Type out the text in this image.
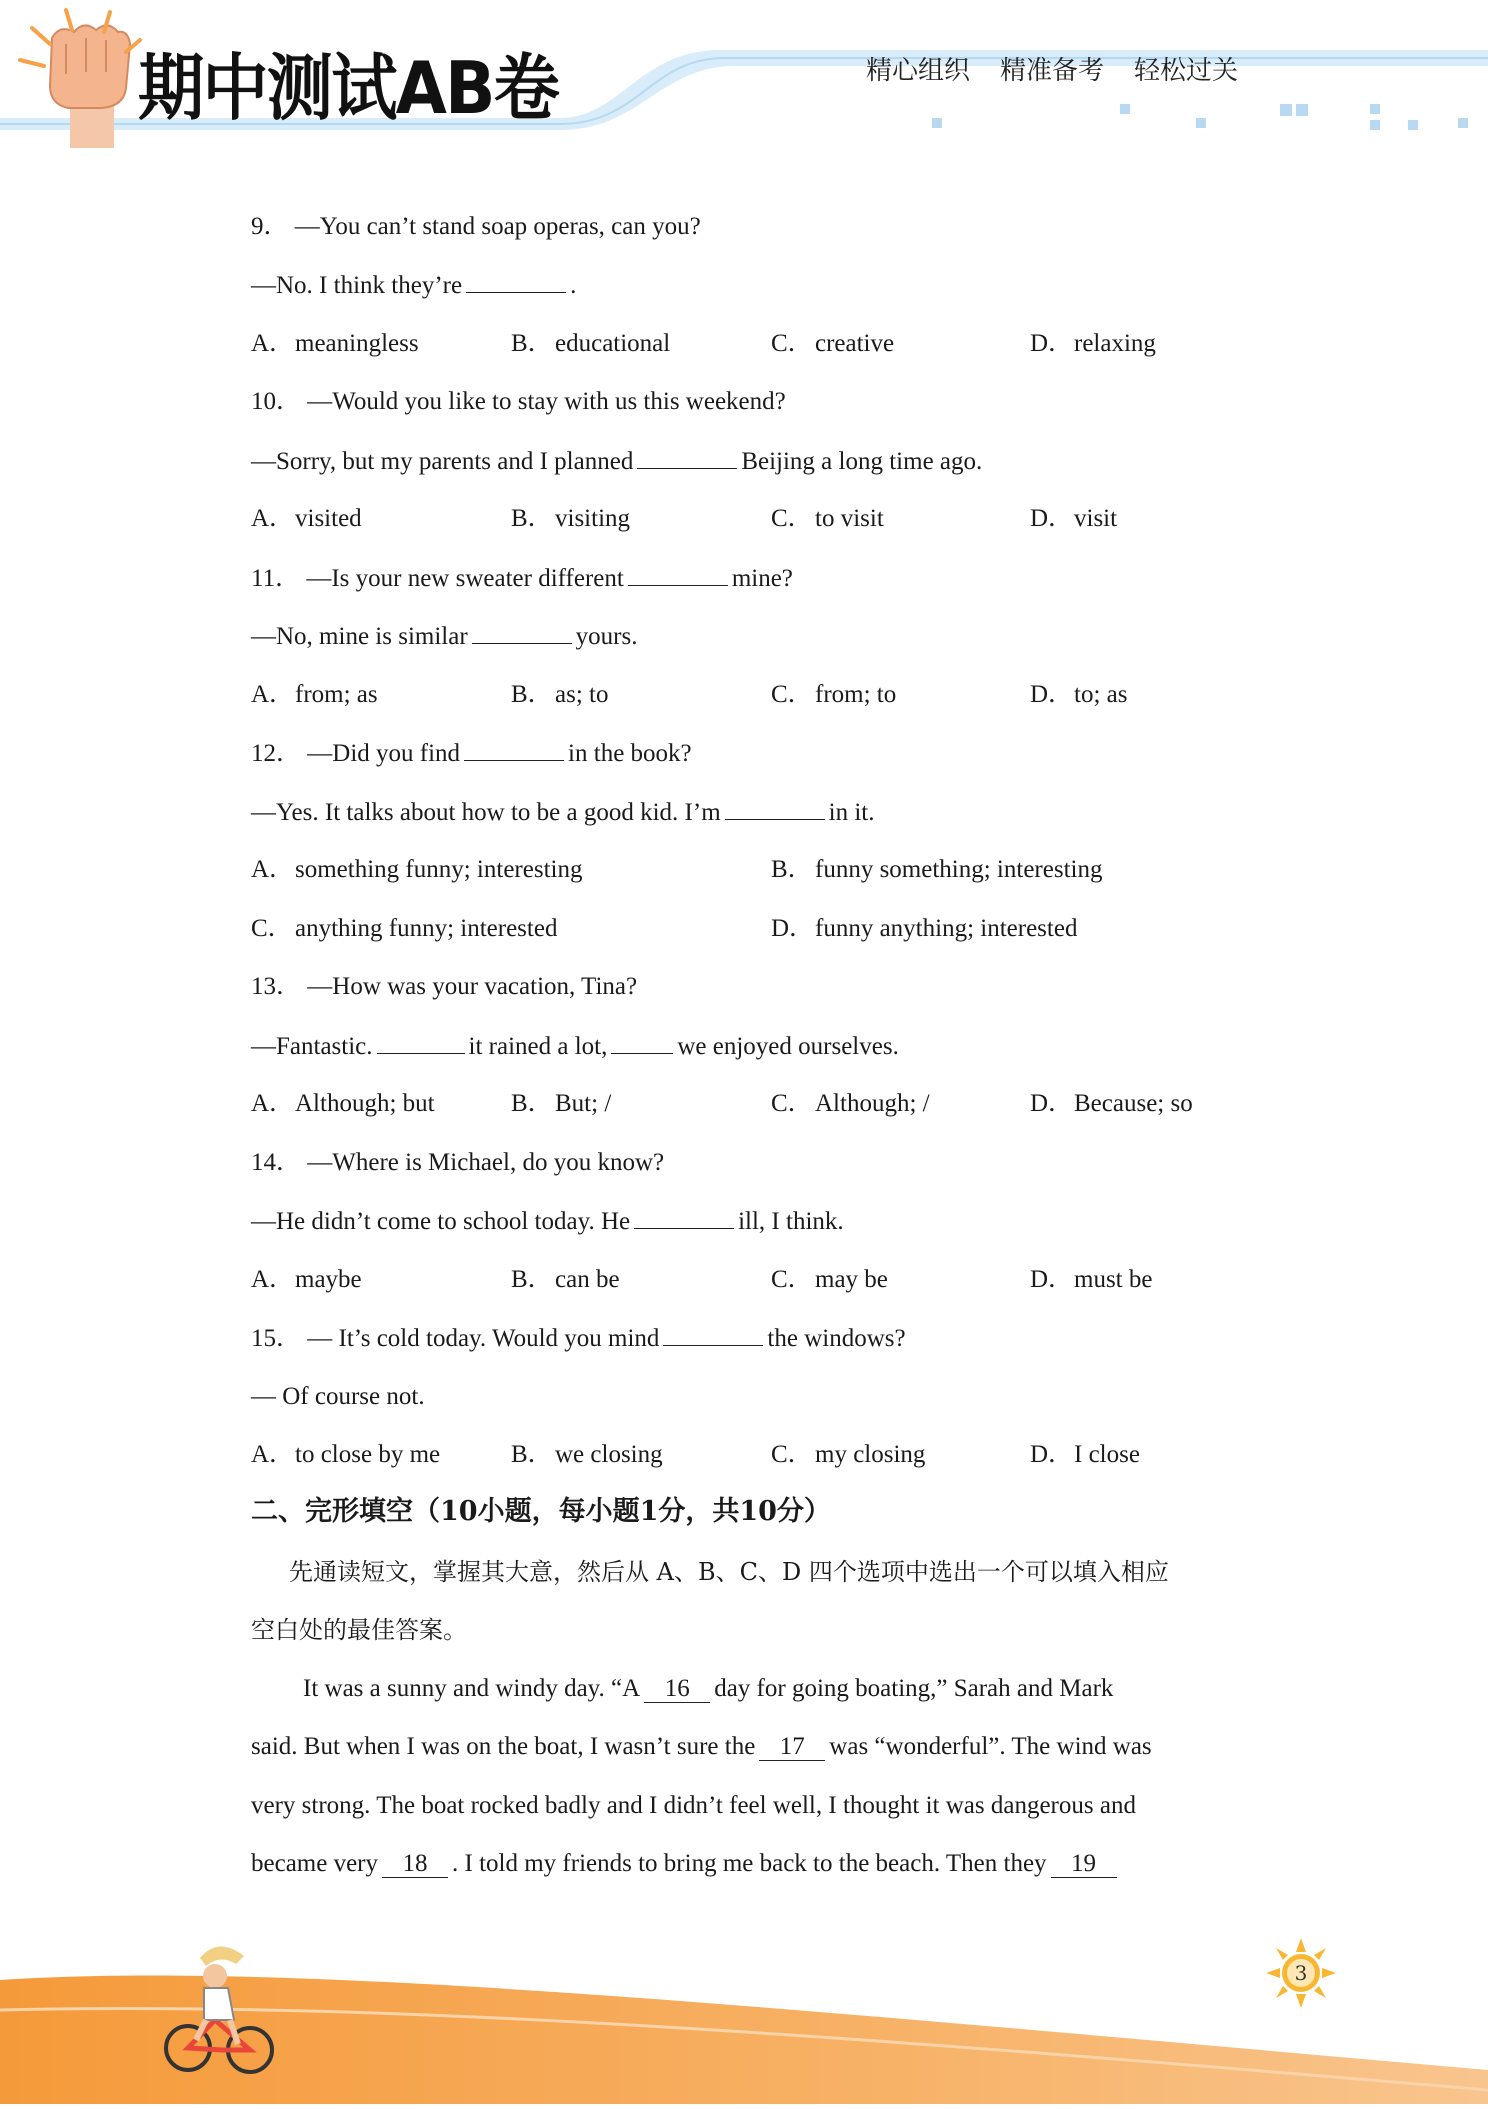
期中测试AB卷	精心组织 精准备考 轻松过关
9． —You can’t stand soap operas, can you?
—No. I think they’re	.
A．meaningless	B．educational	C．creative	D．relaxing
10． —Would you like to stay with us this weekend?
—Sorry, but my parents and I planned	Beijing a long time ago.
A．visited	B．visiting	C．to visit	D．visit
11． —Is your new sweater different	mine?
—No, mine is similar	yours.
A．from; as	B．as; to	C．from; to	D．to; as
12． —Did you find	in the book?
—Yes. It talks about how to be a good kid. I’m	in it.
A．something funny; interesting	B．funny something; interesting
C．anything funny; interested	D．funny anything; interested
13． —How was your vacation, Tina?
—Fantastic.	it rained a lot,	we enjoyed ourselves.
A．Although; but	B．But; /	C．Although; /	D．Because; so
14． —Where is Michael, do you know?
—He didn’t come to school today. He	ill, I think.
A．maybe	B．can be	C．may be	D．must be
15． — It’s cold today. Would you mind	the windows?
— Of course not.
A．to close by me	B．we closing	C．my closing	D．I close
二、完形填空（10小题，每小题1分，共10分）
先通读短文，掌握其大意，然后从 A、B、C、D 四个选项中选出一个可以填入相应
空白处的最佳答案。
It was a sunny and windy day. “A 16 day for going boating,” Sarah and Mark
said. But when I was on the boat, I wasn’t sure the 17 was “wonderful”. The wind was
very strong. The boat rocked badly and I didn’t feel well, I thought it was dangerous and
became very 18 . I told my friends to bring me back to the beach. Then they 19
3
